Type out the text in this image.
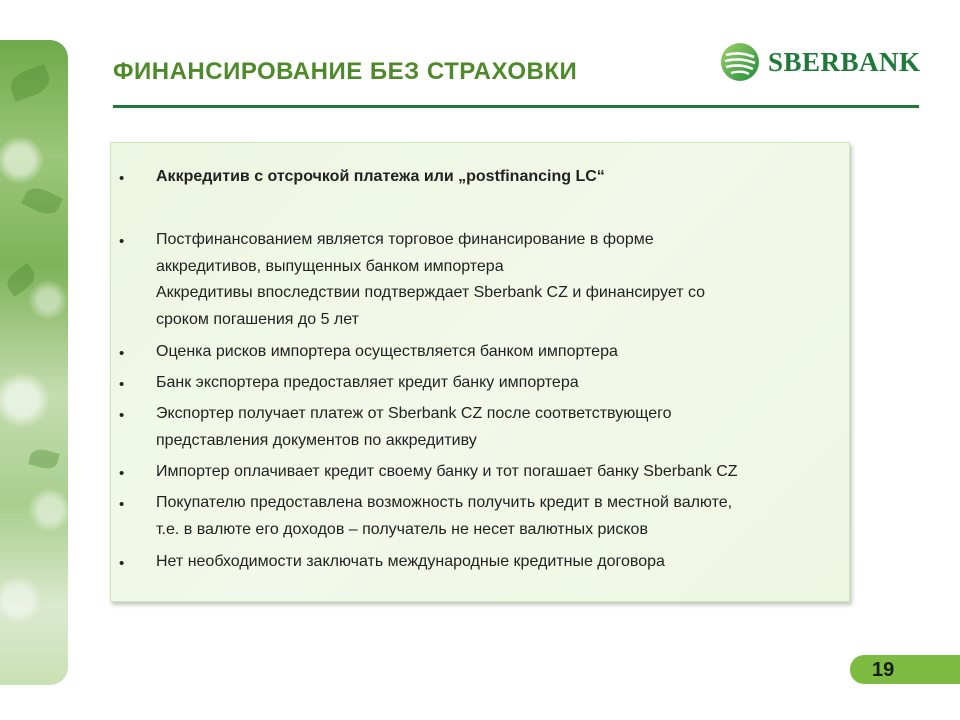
ФИНАНСИРОВАНИЕ БЕЗ СТРАХОВКИ	SBERBANK
• Аккредитив с отсрочкой платежа или „postfinancing LC“
• Постфинансованием является торговое финансирование в форме
аккредитивов, выпущенных банком импортера
Аккредитивы впоследствии подтверждает Sberbank CZ и финансирует со
сроком погашения до 5 лет
• Оценка рисков импортера осуществляется банком импортера
• Банк экспортера предоставляет кредит банку импортера
• Экспортер получает платеж от Sberbank CZ после соответствующего
представления документов по аккредитиву
• Импортер оплачивает кредит своему банку и тот погашает банку Sberbank CZ
• Покупателю предоставлена возможность получить кредит в местной валюте,
т.е. в валюте его доходов – получатель не несет валютных рисков
• Нет необходимости заключать международные кредитные договора
19
